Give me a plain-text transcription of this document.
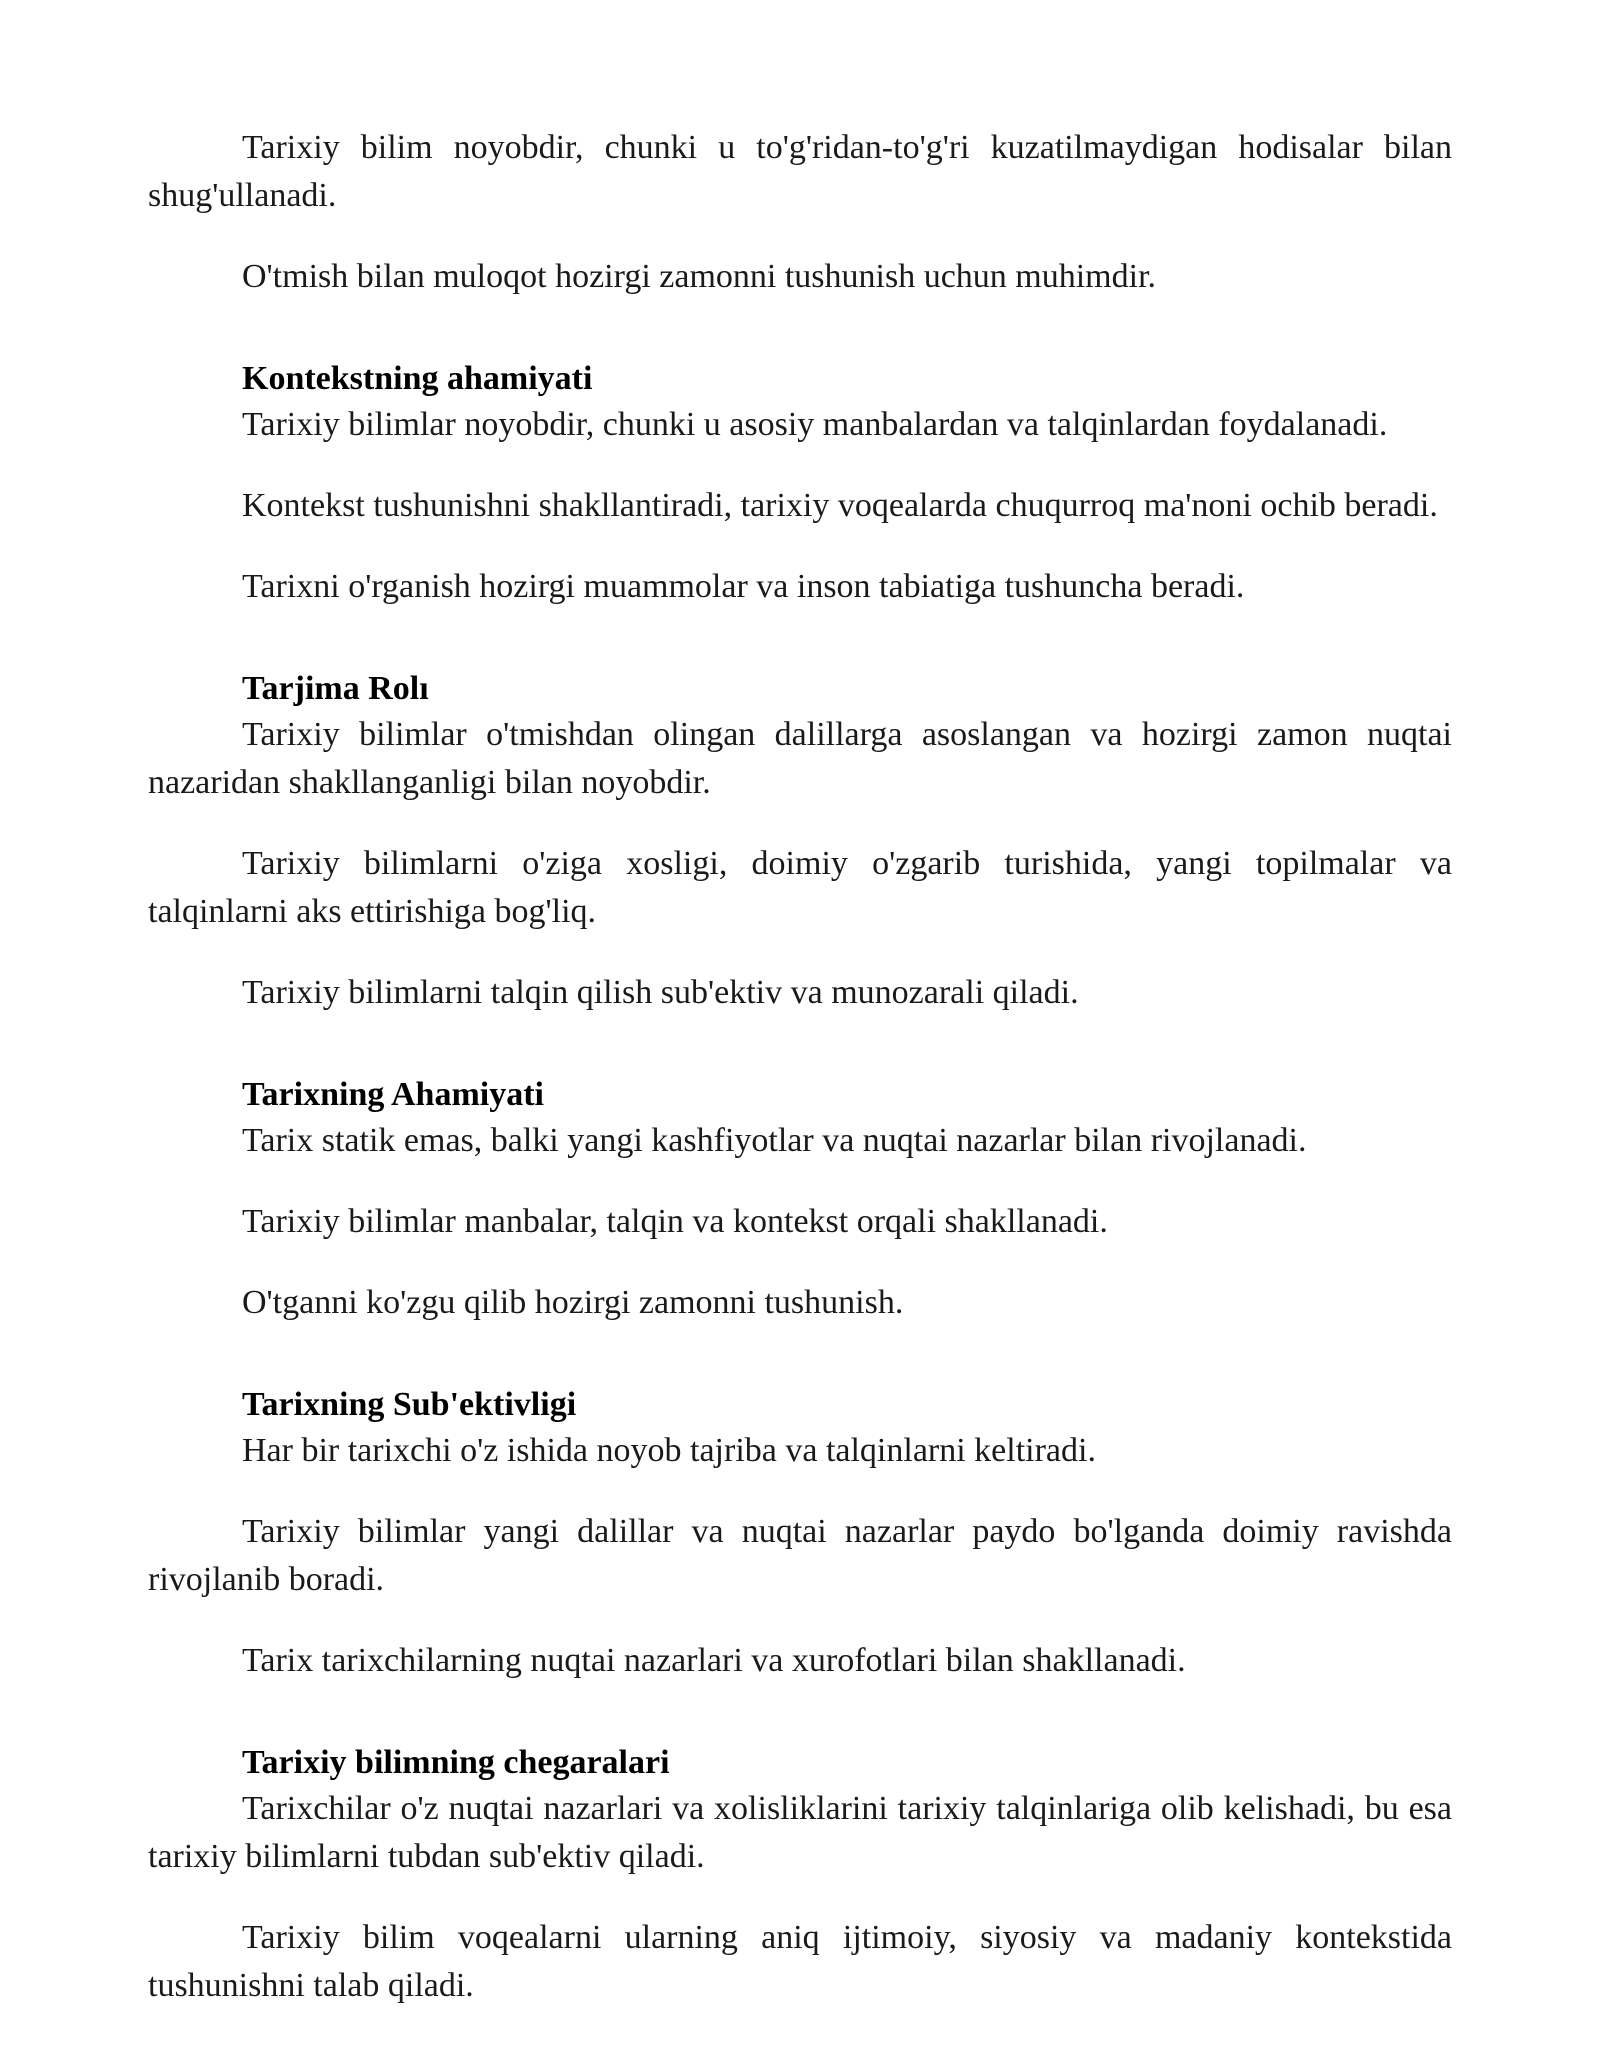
Tarixiy bilim noyobdir, chunki u to'g'ridan-to'g'ri kuzatilmaydigan hodisalar bilan shug'ullanadi.

O'tmish bilan muloqot hozirgi zamonni tushunish uchun muhimdir.

Kontekstning ahamiyati

Tarixiy bilimlar noyobdir, chunki u asosiy manbalardan va talqinlardan foydalanadi.

Kontekst tushunishni shakllantiradi, tarixiy voqealarda chuqurroq ma'noni ochib beradi.

Tarixni o'rganish hozirgi muammolar va inson tabiatiga tushuncha beradi.

Tarjima Rolı

Tarixiy bilimlar o'tmishdan olingan dalillarga asoslangan va hozirgi zamon nuqtai nazaridan shakllanganligi bilan noyobdir.

Tarixiy bilimlarni o'ziga xosligi, doimiy o'zgarib turishida, yangi topilmalar va talqinlarni aks ettirishiga bog'liq.

Tarixiy bilimlarni talqin qilish sub'ektiv va munozarali qiladi.

Tarixning Ahamiyati

Tarix statik emas, balki yangi kashfiyotlar va nuqtai nazarlar bilan rivojlanadi.

Tarixiy bilimlar manbalar, talqin va kontekst orqali shakllanadi.

O'tganni ko'zgu qilib hozirgi zamonni tushunish.

Tarixning Sub'ektivligi

Har bir tarixchi o'z ishida noyob tajriba va talqinlarni keltiradi.

Tarixiy bilimlar yangi dalillar va nuqtai nazarlar paydo bo'lganda doimiy ravishda rivojlanib boradi.

Tarix tarixchilarning nuqtai nazarlari va xurofotlari bilan shakllanadi.

Tarixiy bilimning chegaralari

Tarixchilar o'z nuqtai nazarlari va xolisliklarini tarixiy talqinlariga olib kelishadi, bu esa tarixiy bilimlarni tubdan sub'ektiv qiladi.

Tarixiy bilim voqealarni ularning aniq ijtimoiy, siyosiy va madaniy kontekstida tushunishni talab qiladi.
